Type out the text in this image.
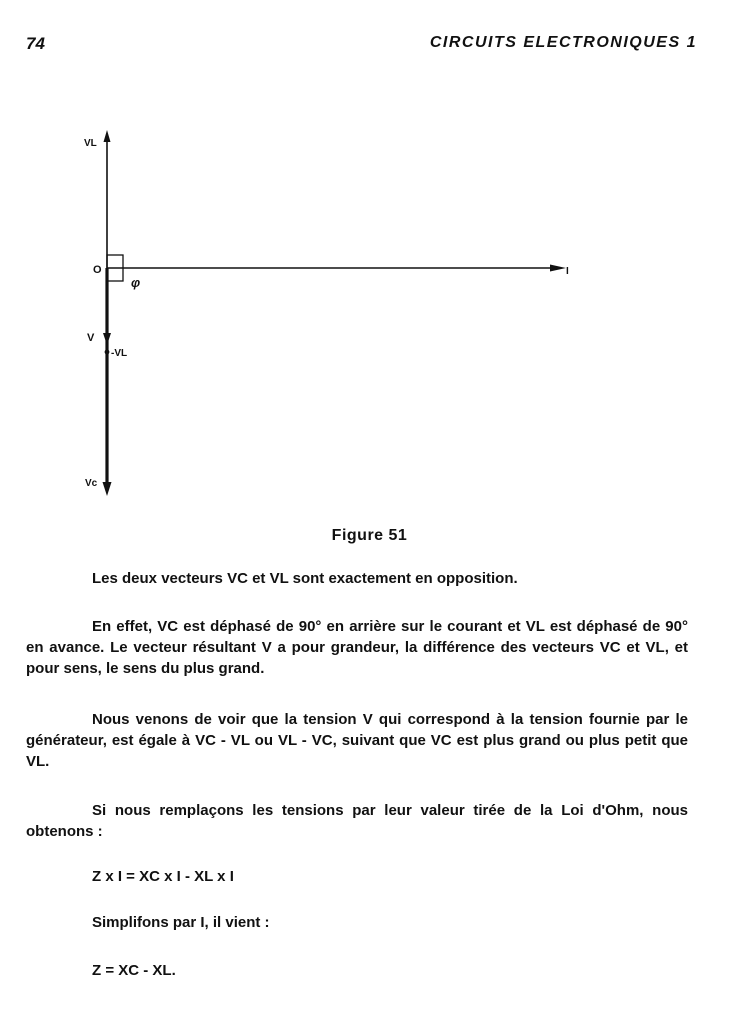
74	CIRCUITS ELECTRONIQUES 1
VL
O
φ
I
V
-VL
Vc
Figure 51
Les deux vecteurs VC et VL sont exactement en opposition.
En effet, VC est déphasé de 90° en arrière sur le courant et VL est déphasé de 90° en avance. Le vecteur résultant V a pour grandeur, la différence des vecteurs VC et VL, et pour sens, le sens du plus grand.
Nous venons de voir que la tension V qui correspond à la tension fournie par le générateur, est égale à VC - VL ou VL - VC, suivant que VC est plus grand ou plus petit que VL.
Si nous remplaçons les tensions par leur valeur tirée de la Loi d'Ohm, nous obtenons :
Z x I = XC x I - XL x I
Simplifons par I, il vient :
Z = XC - XL.
